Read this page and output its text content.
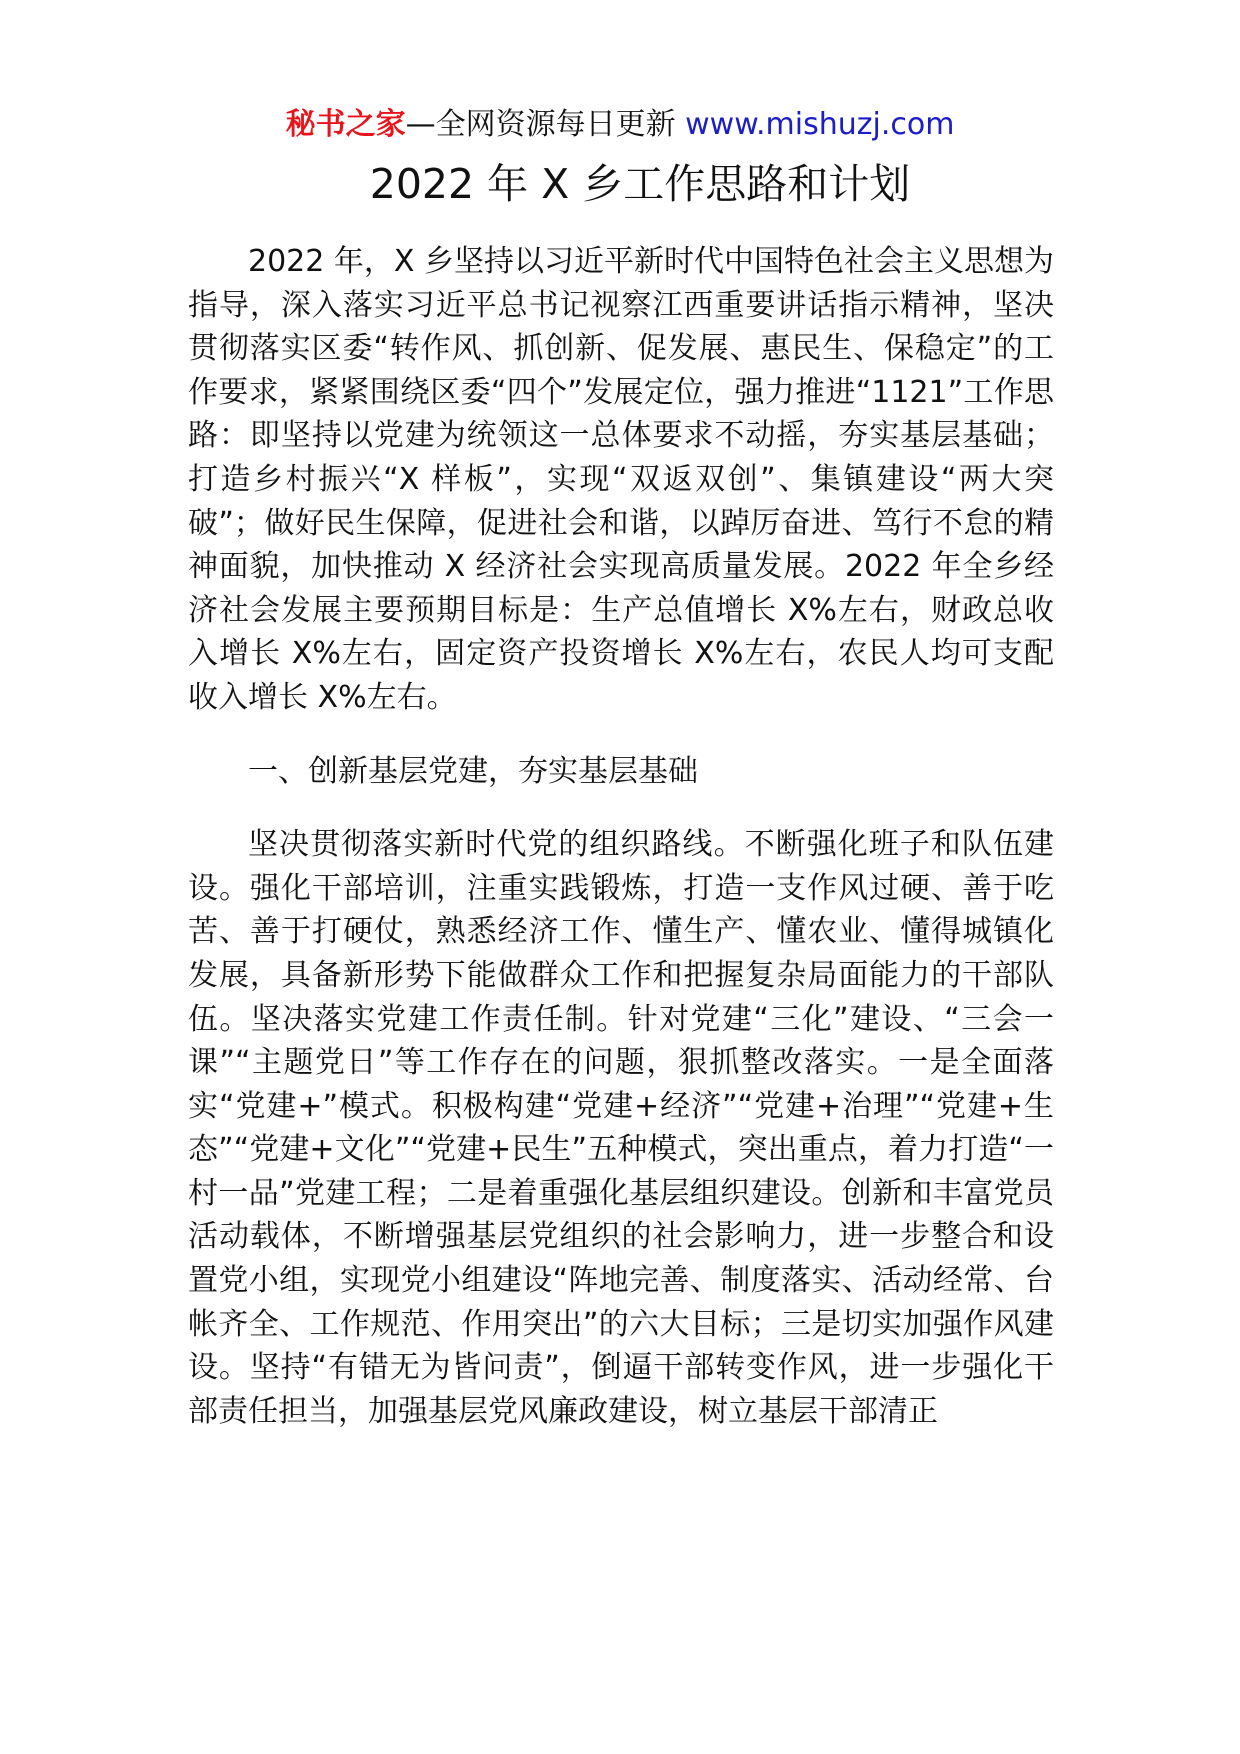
秘书之家—全网资源每日更新 www.mishuzj.com
2022 年 X 乡工作思路和计划

2022 年，X 乡坚持以习近平新时代中国特色社会主义思想为指导，深入落实习近平总书记视察江西重要讲话指示精神，坚决贯彻落实区委“转作风、抓创新、促发展、惠民生、保稳定”的工作要求，紧紧围绕区委“四个”发展定位，强力推进“1121”工作思路：即坚持以党建为统领这一总体要求不动摇，夯实基层基础；打造乡村振兴“X 样板”，实现“双返双创”、集镇建设“两大突破”；做好民生保障，促进社会和谐，以踔厉奋进、笃行不怠的精神面貌，加快推动 X 经济社会实现高质量发展。2022 年全乡经济社会发展主要预期目标是：生产总值增长 X%左右，财政总收入增长 X%左右，固定资产投资增长 X%左右，农民人均可支配收入增长 X%左右。

一、创新基层党建，夯实基层基础

坚决贯彻落实新时代党的组织路线。不断强化班子和队伍建设。强化干部培训，注重实践锻炼，打造一支作风过硬、善于吃苦、善于打硬仗，熟悉经济工作、懂生产、懂农业、懂得城镇化发展，具备新形势下能做群众工作和把握复杂局面能力的干部队伍。坚决落实党建工作责任制。针对党建“三化”建设、“三会一课”“主题党日”等工作存在的问题，狠抓整改落实。一是全面落实“党建+”模式。积极构建“党建+经济”“党建+治理”“党建+生态”“党建+文化”“党建+民生”五种模式，突出重点，着力打造“一村一品”党建工程；二是着重强化基层组织建设。创新和丰富党员活动载体，不断增强基层党组织的社会影响力，进一步整合和设置党小组，实现党小组建设“阵地完善、制度落实、活动经常、台帐齐全、工作规范、作用突出”的六大目标；三是切实加强作风建设。坚持“有错无为皆问责”，倒逼干部转变作风，进一步强化干部责任担当，加强基层党风廉政建设，树立基层干部清正
